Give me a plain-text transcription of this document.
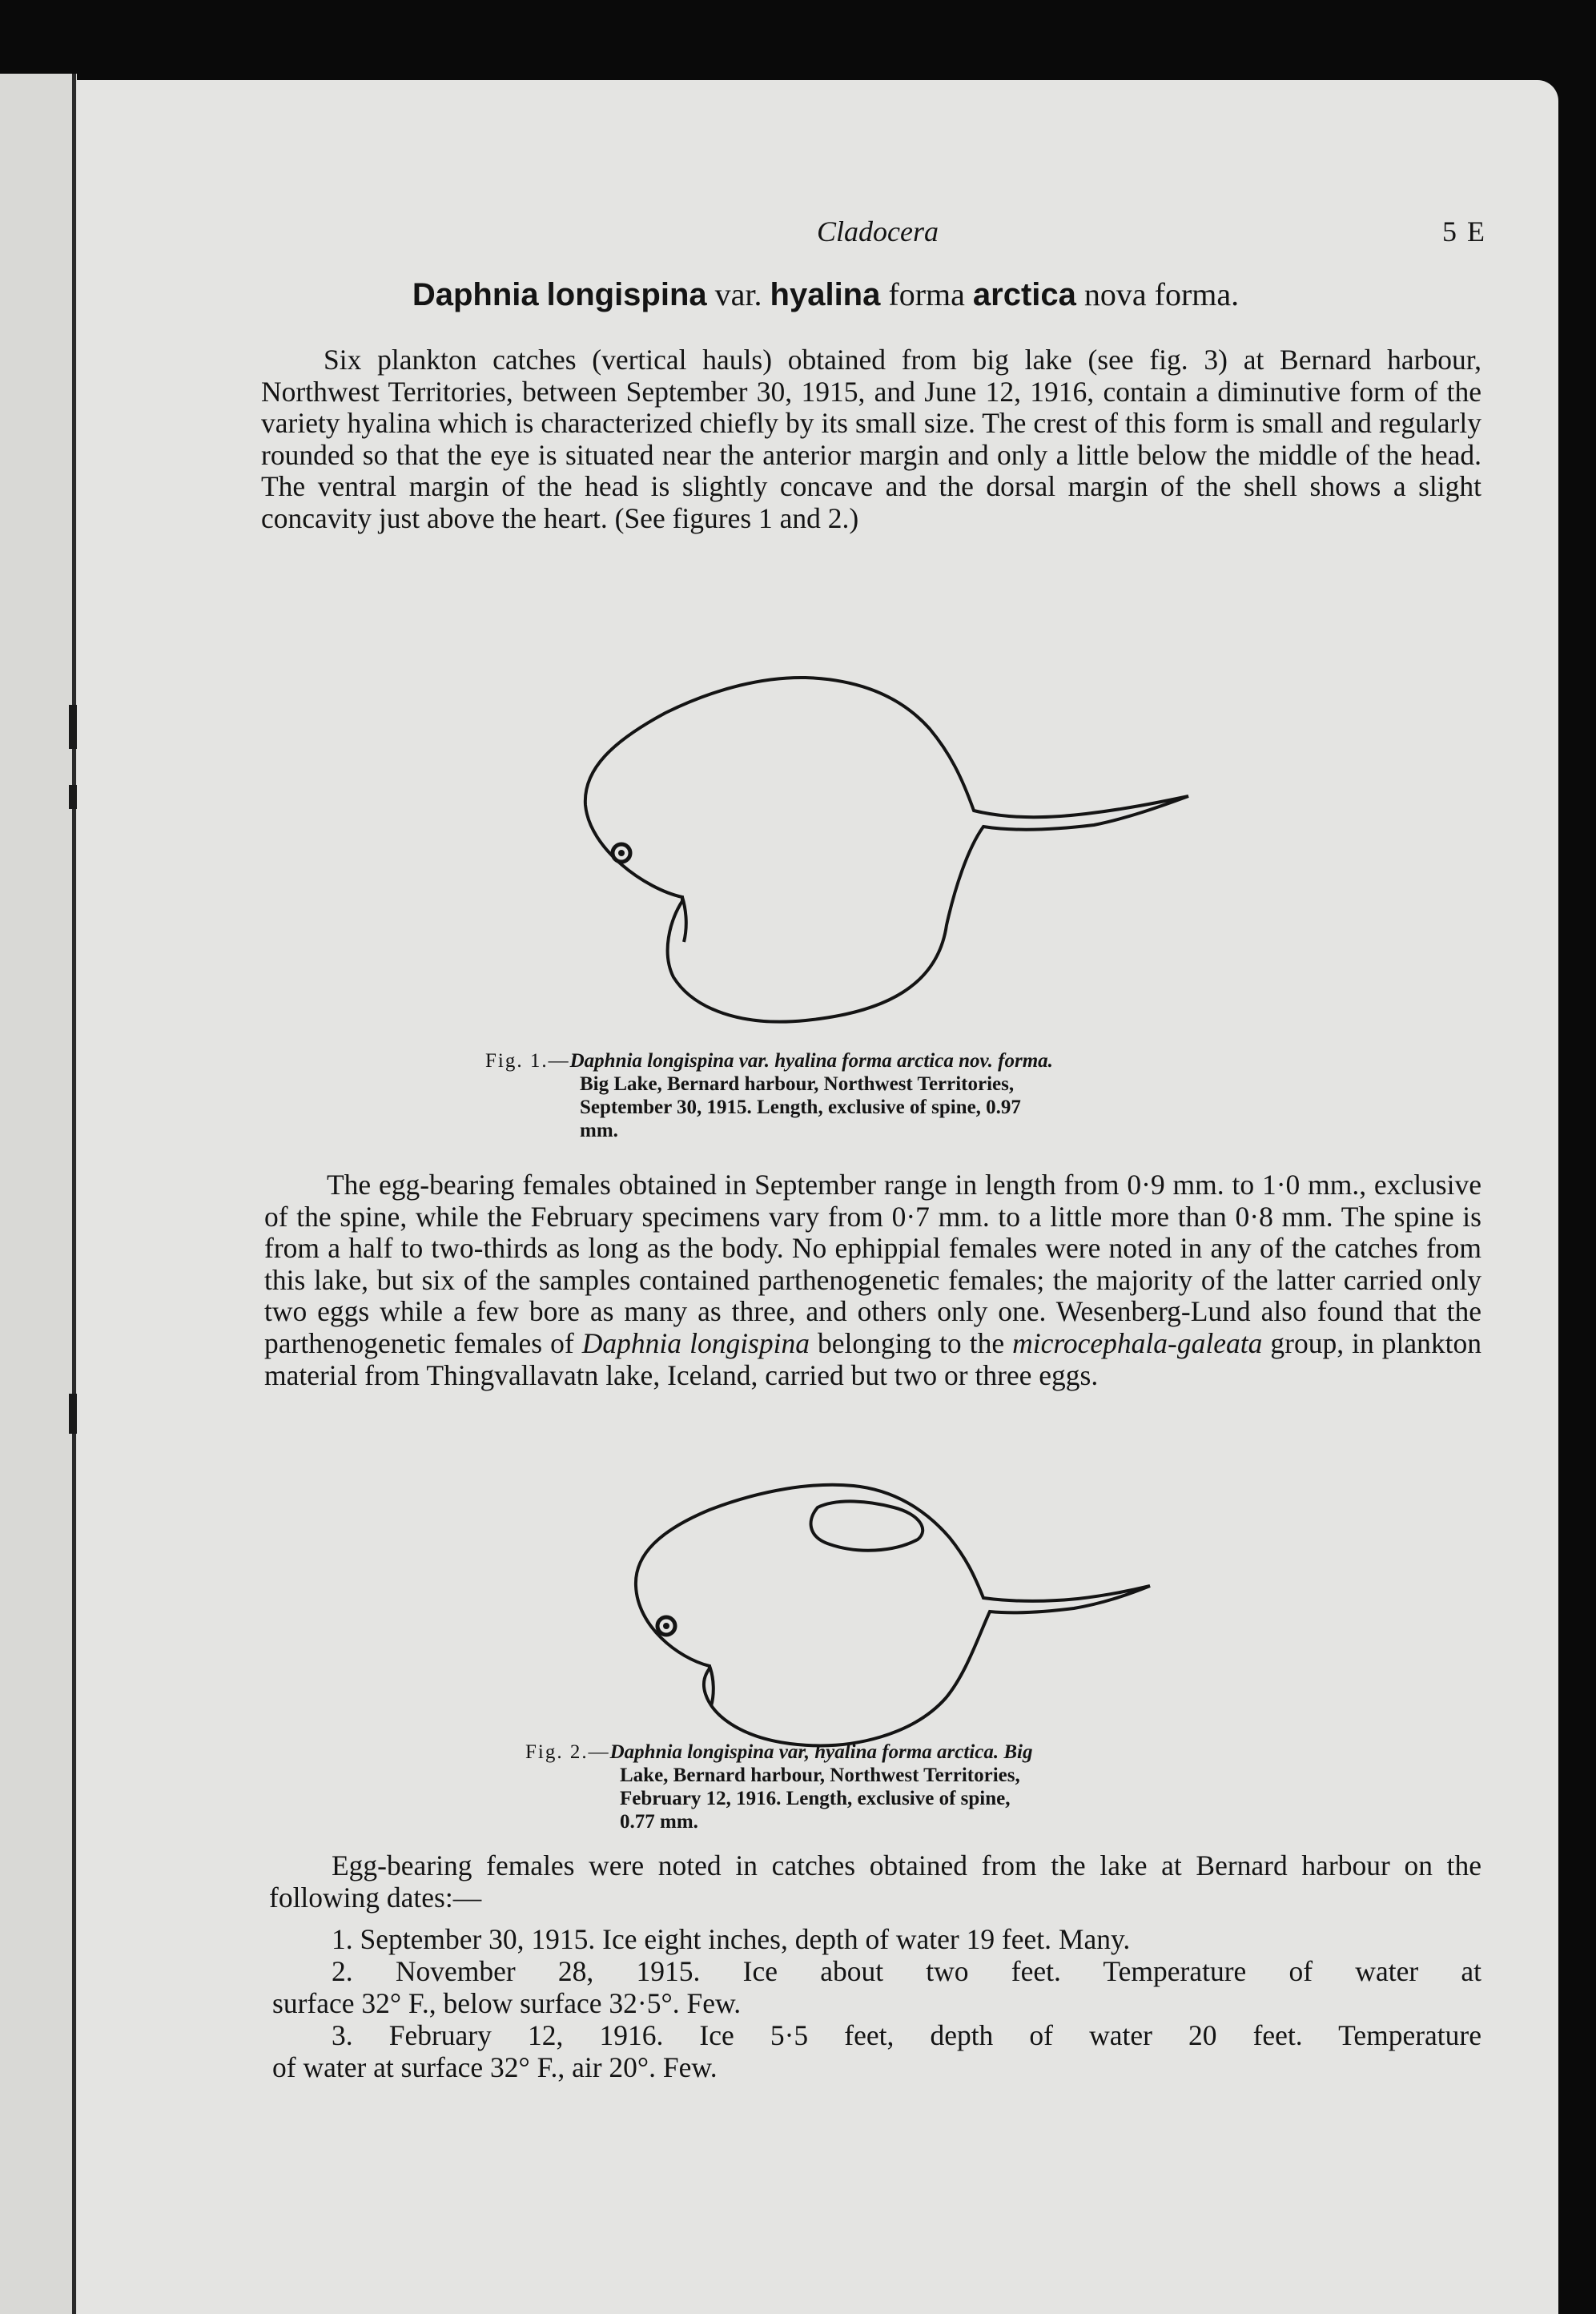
Cladocera	5 E
Daphnia longispina var. hyalina forma arctica nova forma.

Six plankton catches (vertical hauls) obtained from big lake (see fig. 3) at Bernard harbour, Northwest Territories, between September 30, 1915, and June 12, 1916, contain a diminutive form of the variety hyalina which is characterized chiefly by its small size. The crest of this form is small and regularly rounded so that the eye is situated near the anterior margin and only a little below the middle of the head. The ventral margin of the head is slightly concave and the dorsal margin of the shell shows a slight concavity just above the heart. (See figures 1 and 2.)

Fig. 1.—Daphnia longispina var. hyalina forma arctica nov. forma.
Big Lake, Bernard harbour, Northwest Territories,
September 30, 1915. Length, exclusive of spine, 0.97
mm.

The egg-bearing females obtained in September range in length from 0·9 mm. to 1·0 mm., exclusive of the spine, while the February specimens vary from 0·7 mm. to a little more than 0·8 mm. The spine is from a half to two-thirds as long as the body. No ephippial females were noted in any of the catches from this lake, but six of the samples contained parthenogenetic females; the majority of the latter carried only two eggs while a few bore as many as three, and others only one. Wesenberg-Lund also found that the parthenogenetic females of Daphnia longispina belonging to the microcephala-galeata group, in plankton material from Thingvallavatn lake, Iceland, carried but two or three eggs.

Fig. 2.—Daphnia longispina var, hyalina forma arctica. Big
Lake, Bernard harbour, Northwest Territories,
February 12, 1916. Length, exclusive of spine,
0.77 mm.

Egg-bearing females were noted in catches obtained from the lake at Bernard harbour on the following dates:—

1. September 30, 1915. Ice eight inches, depth of water 19 feet. Many.

2. November 28, 1915. Ice about two feet. Temperature of water at

surface 32° F., below surface 32·5°. Few.

3. February 12, 1916. Ice 5·5 feet, depth of water 20 feet. Temperature

of water at surface 32° F., air 20°. Few.
